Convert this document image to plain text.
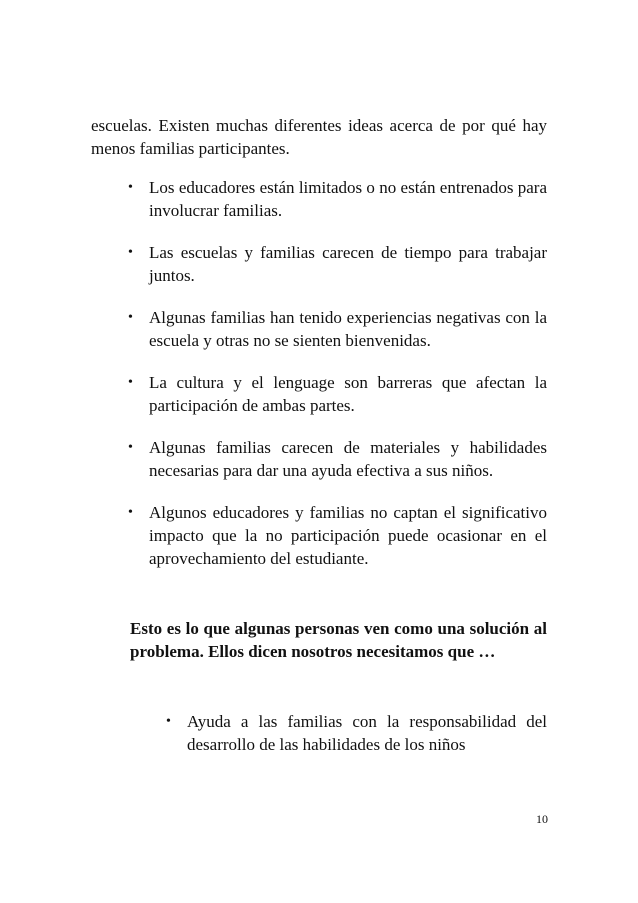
escuelas. Existen muchas diferentes ideas acerca de por qué hay menos familias participantes.

• Los educadores están limitados o no están entrenados para involucrar familias.
• Las escuelas y familias carecen de tiempo para trabajar juntos.
• Algunas familias han tenido experiencias negativas con la escuela y otras no se sienten bienvenidas.
• La cultura y el lenguage son barreras que afectan la participación de ambas partes.
• Algunas familias carecen de materiales y habilidades necesarias para dar una ayuda efectiva a sus niños.
• Algunos educadores y familias no captan el significativo impacto que la no participación puede ocasionar en el aprovechamiento del estudiante.

Esto es lo que algunas personas ven como una solución al problema. Ellos dicen nosotros necesitamos que …

• Ayuda a las familias con la responsabilidad del desarrollo de las habilidades de los niños
10
